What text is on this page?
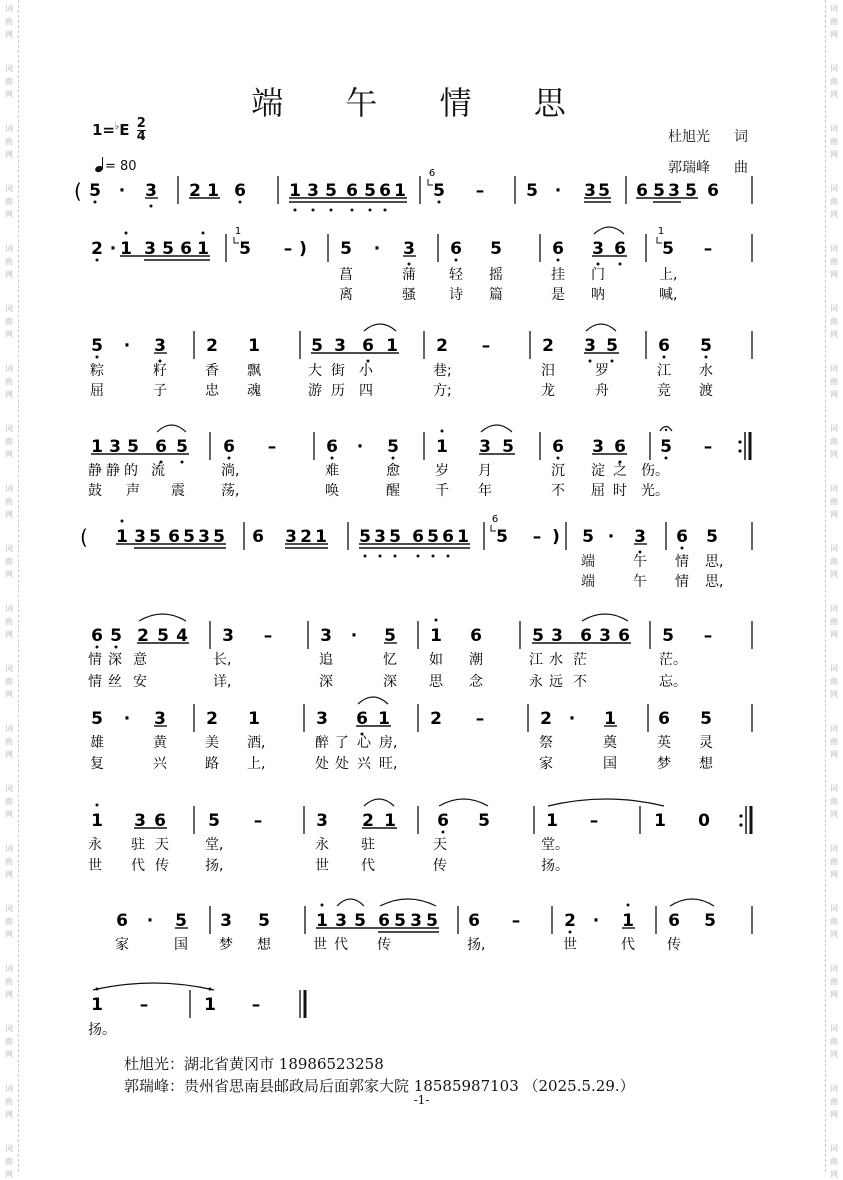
词
曲
网
词
曲
网
词
曲
网
词
曲
网
词
曲
网
词
曲
网
词
曲
网
词
曲
网
词
曲
网
词
曲
网
词
曲
网
词
曲
网
词
曲
网
词
曲
网
词
曲
网
词
曲
网
词
曲
网
词
曲
网
词
曲
网
词
曲
网
词
曲
网
词
曲
网
词
曲
网
词
曲
网
词
曲
网
词
曲
网
词
曲
网
词
曲
网
词
曲
网
词
曲
网
词
曲
网
词
曲
网
词
曲
网
词
曲
网
词
曲
网
词
曲
网
词
曲
网
词
曲
网
词
曲
网
词
曲
网
端 午 情 思
$1=^♭E \frac{2}{4}$
= 80
杜旭光 词
郭瑞峰 曲
( 5 · 3 2 1 6	1 3 5 6 5 6 1 5
6
– 5 · 3 5 6 5 3 5 6
2 · 1 3 5 6 1 5
1
– ) 5 · 3 6 5	6 3 6 5
1
–
菖	蒲 轻 摇	挂 门	上,
离	骚 诗 篇	是 呐	喊,
5 · 3 2 1	5 3 6 1 2 –	2 3 5 6 5
粽	籽	香 飘	大 街 小	巷;	汨	罗	江 水
屈	子	忠 魂	游 历 四	方;	龙	舟	竞 渡
1 3 5 6 5 6 –	6 · 5 1 3 5 6 3 6 5 –
静 静 的 流	淌,	难	愈	岁 月	沉 淀 之 伤。
鼓 声 震	荡,	唤	醒	千 年	不 屈 时 光。
( 1 3 5 6 5 3 5 6 3 2 1 5 3 5 6 5 6 1 5
6
– ) 5 · 3 6 5
端	午 情 思,
端	午 情 思,
6 5 2 5 4 3 –	3 · 5 1 6	5 3 6 3 6 5 –
情 深 意	长,	追	忆 如 潮	江 水 茫	茫。
情 丝 安	详,	深	深 思 念	永 远 不	忘。
5 · 3 2 1	3 6 1 2 –	2 · 1 6 5
雄	黄	美 酒,	醉 了 心 房,	祭	奠	英 灵
复	兴	路 上,	处 处 兴 旺,	家	国	梦 想
1 3 6 5 –	3 2 1 6 5	1 –	1 0
永 驻 天	堂,	永 驻	天	堂。
世 代 传	扬,	世 代	传	扬。
6 · 5 3 5	1 3 5 6 5 3 5 6 –	2 · 1 6 5
家	国 梦 想	世 代 传	扬,	世	代 传
1 –	1 –
扬。
杜旭光：湖北省黄冈市 18986523258
郭瑞峰：贵州省思南县邮政局后面郭家大院 18585987103 （2025.5.29.）
-1-
